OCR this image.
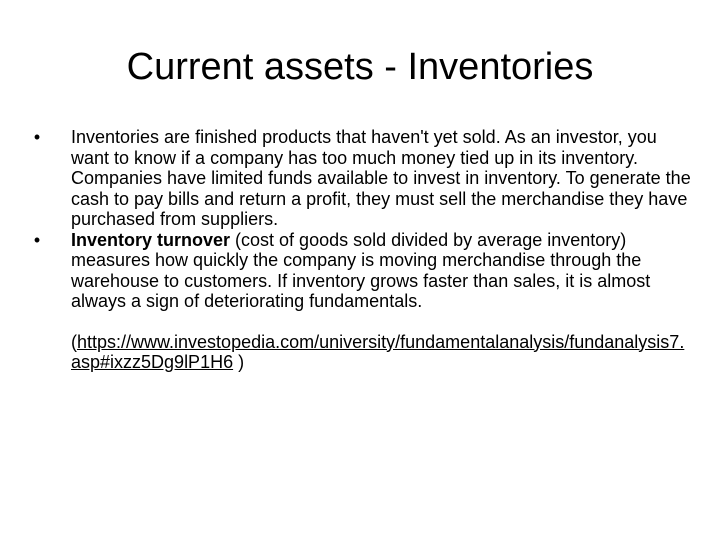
Current assets - Inventories

• Inventories are finished products that haven't yet sold. As an investor, you want to know if a company has too much money tied up in its inventory. Companies have limited funds available to invest in inventory. To generate the cash to pay bills and return a profit, they must sell the merchandise they have purchased from suppliers.

• Inventory turnover (cost of goods sold divided by average inventory) measures how quickly the company is moving merchandise through the warehouse to customers. If inventory grows faster than sales, it is almost always a sign of deteriorating fundamentals.

(https://www.investopedia.com/university/fundamentalanalysis/fundanalysis7.asp#ixzz5Dg9lP1H6 )
